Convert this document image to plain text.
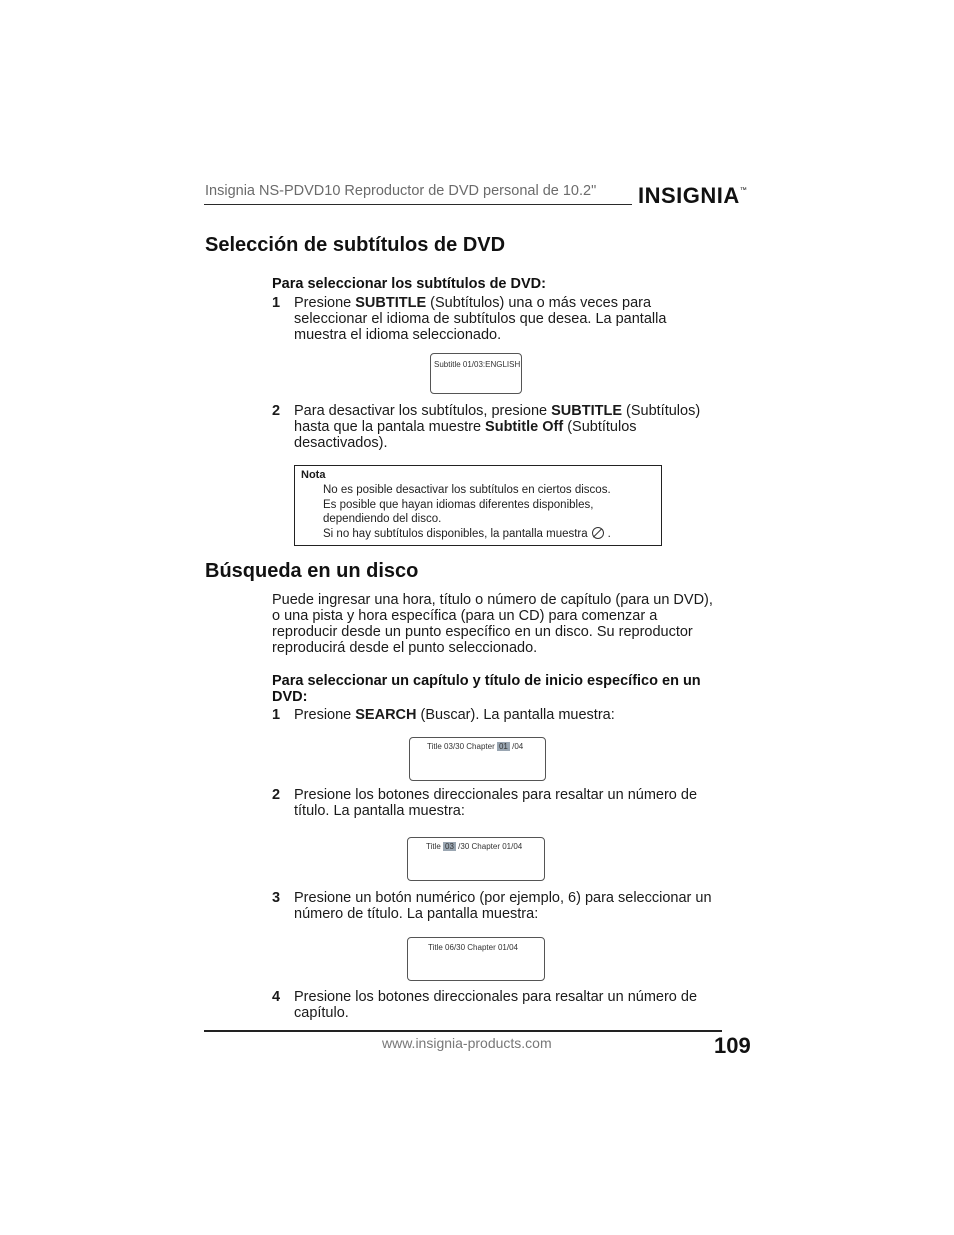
Insignia NS-PDVD10 Reproductor de DVD personal de 10.2" INSIGNIA™
Selección de subtítulos de DVD
Para seleccionar los subtítulos de DVD:
1 Presione SUBTITLE (Subtítulos) una o más veces para
seleccionar el idioma de subtítulos que desea. La pantalla
muestra el idioma seleccionado.
Subtitle 01/03:ENGLISH
2 Para desactivar los subtítulos, presione SUBTITLE (Subtítulos)
hasta que la pantala muestre Subtitle Off (Subtítulos
desactivados).
Nota
No es posible desactivar los subtítulos en ciertos discos.
Es posible que hayan idiomas diferentes disponibles,
dependiendo del disco.
Si no hay subtítulos disponibles, la pantalla muestra .
Búsqueda en un disco
Puede ingresar una hora, título o número de capítulo (para un DVD),
o una pista y hora específica (para un CD) para comenzar a
reproducir desde un punto específico en un disco. Su reproductor
reproducirá desde el punto seleccionado.
Para seleccionar un capítulo y título de inicio específico en un
DVD:
1 Presione SEARCH (Buscar). La pantalla muestra:
Title 03/30 Chapter 01 /04
2 Presione los botones direccionales para resaltar un número de
título. La pantalla muestra:
Title 03 /30 Chapter 01/04
3 Presione un botón numérico (por ejemplo, 6) para seleccionar un
número de título. La pantalla muestra:
Title 06/30 Chapter 01/04
4 Presione los botones direccionales para resaltar un número de
capítulo.
www.insignia-products.com	109
